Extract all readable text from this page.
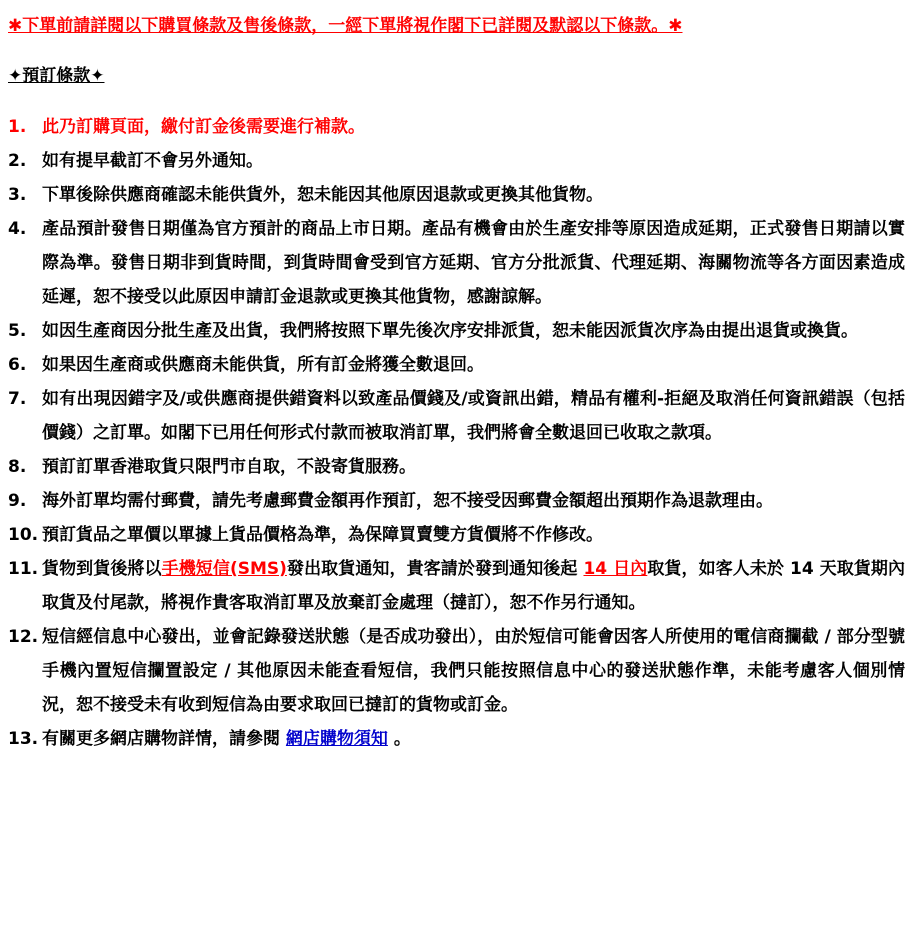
✱下單前請詳閱以下購買條款及售後條款，一經下單將視作閣下已詳閱及默認以下條款。✱
✦預訂條款✦
1. 此乃訂購頁面，繳付訂金後需要進行補款。
2. 如有提早截訂不會另外通知。
3. 下單後除供應商確認未能供貨外，恕未能因其他原因退款或更換其他貨物。
4. 產品預計發售日期僅為官方預計的商品上市日期。產品有機會由於生產安排等原因造成延期，正式發售日期請以實際為準。發售日期非到貨時間，到貨時間會受到官方延期、官方分批派貨、代理延期、海關物流等各方面因素造成延遲，恕不接受以此原因申請訂金退款或更換其他貨物，感謝諒解。
5. 如因生產商因分批生產及出貨，我們將按照下單先後次序安排派貨，恕未能因派貨次序為由提出退貨或換貨。
6. 如果因生產商或供應商未能供貨，所有訂金將獲全數退回。
7. 如有出現因錯字及/或供應商提供錯資料以致產品價錢及/或資訊出錯，精品有權利-拒絕及取消任何資訊錯誤（包括價錢）之訂單。如閣下已用任何形式付款而被取消訂單，我們將會全數退回已收取之款項。
8. 預訂訂單香港取貨只限門市自取，不設寄貨服務。
9. 海外訂單均需付郵費，請先考慮郵費金額再作預訂，恕不接受因郵費金額超出預期作為退款理由。
10. 預訂貨品之單價以單據上貨品價格為準，為保障買賣雙方貨價將不作修改。
11. 貨物到貨後將以手機短信(SMS)發出取貨通知，貴客請於發到通知後起 14 日內取貨，如客人未於 14 天取貨期內取貨及付尾款，將視作貴客取消訂單及放棄訂金處理（撻訂），恕不作另行通知。
12. 短信經信息中心發出，並會記錄發送狀態（是否成功發出），由於短信可能會因客人所使用的電信商攔截 / 部分型號手機內置短信攔置設定 / 其他原因未能查看短信，我們只能按照信息中心的發送狀態作準，未能考慮客人個別情況，恕不接受未有收到短信為由要求取回已撻訂的貨物或訂金。
13. 有關更多網店購物詳情，請參閱 網店購物須知 。
